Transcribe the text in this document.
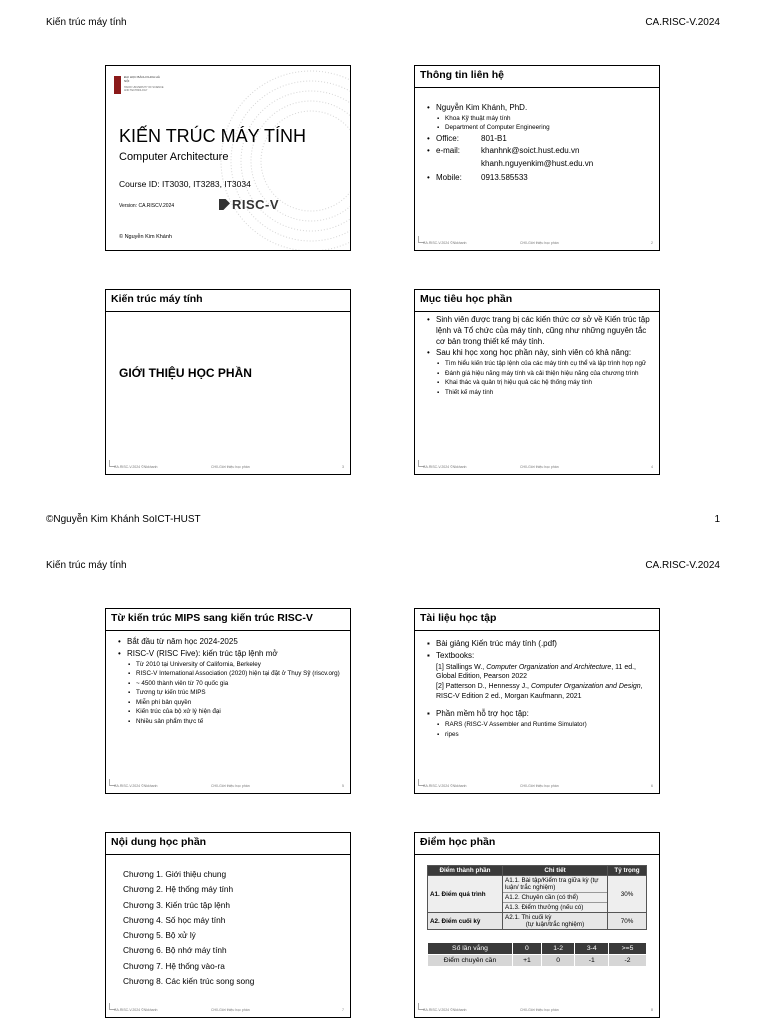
Kiến trúc máy tính	CA.RISC-V.2024
ĐẠI HỌC BÁCH KHOA HÀ NỘI
HANOI UNIVERSITY OF SCIENCE AND TECHNOLOGY
KIẾN TRÚC MÁY TÍNH
Computer Architecture
Course ID: IT3030, IT3283, IT3034
Version: CA.RISCV.2024	RISC-V
© Nguyễn Kim Khánh
Thông tin liên hệ
• Nguyễn Kim Khánh, PhD.
▪ Khoa Kỹ thuật máy tính
▪ Department of Computer Engineering
• Office:	801-B1
• e-mail:	khanhnk@soict.hust.edu.vn
khanh.nguyenkim@hust.edu.vn
• Mobile: 0913.585533
CA.RISC-V.2024 ©Nkkhanh	CH0-Giới thiệu học phần	2
Kiến trúc máy tính
GIỚI THIỆU HỌC PHẦN
CA.RISC-V.2024 ©Nkkhanh	CH0-Giới thiệu học phần	3
Mục tiêu học phần
• Sinh viên được trang bị các kiến thức cơ sở về Kiến trúc tập lệnh và Tổ chức của máy tính, cũng như những nguyên tắc cơ bản trong thiết kế máy tính.
• Sau khi học xong học phần này, sinh viên có khả năng:
▪ Tìm hiểu kiến trúc tập lệnh của các máy tính cụ thể và lập trình hợp ngữ
▪ Đánh giá hiệu năng máy tính và cải thiện hiệu năng của chương trình
▪ Khai thác và quản trị hiệu quả các hệ thống máy tính
▪ Thiết kế máy tính
CA.RISC-V.2024 ©Nkkhanh	CH0-Giới thiệu học phần	4
©Nguyễn Kim Khánh SoICT-HUST	1
Kiến trúc máy tính	CA.RISC-V.2024
Từ kiến trúc MIPS sang kiến trúc RISC-V
• Bắt đầu từ năm học 2024-2025
• RISC-V (RISC Five): kiến trúc tập lệnh mở
▪ Từ 2010 tại University of California, Berkeley
▪ RISC-V International Association (2020) hiện tại đặt ở Thụy Sỹ (riscv.org)
▪ ~ 4500 thành viên từ 70 quốc gia
▪ Tương tự kiến trúc MIPS
▪ Miễn phí bản quyền
▪ Kiến trúc của bộ xử lý hiện đại
▪ Nhiều sản phẩm thực tế
CA.RISC-V.2024 ©Nkkhanh	CH0-Giới thiệu học phần	5
Tài liệu học tập
▪ Bài giảng Kiến trúc máy tính (.pdf)
▪ Textbooks:
[1] Stallings W., Computer Organization and Architecture, 11 ed., Global Edition, Pearson 2022
[2] Patterson D., Hennessy J., Computer Organization and Design, RISC-V Edition 2 ed., Morgan Kaufmann, 2021
▪ Phần mềm hỗ trợ học tập:
▪ RARS (RISC-V Assembler and Runtime Simulator)
▪ ripes
CA.RISC-V.2024 ©Nkkhanh	CH0-Giới thiệu học phần	6
Nội dung học phần
Chương 1. Giới thiệu chung
Chương 2. Hệ thống máy tính
Chương 3. Kiến trúc tập lệnh
Chương 4. Số học máy tính
Chương 5. Bộ xử lý
Chương 6. Bộ nhớ máy tính
Chương 7. Hệ thống vào-ra
Chương 8. Các kiến trúc song song
CA.RISC-V.2024 ©Nkkhanh	CH0-Giới thiệu học phần	7
Điểm học phần
Điểm thành phần	Chi tiết	Tỷ trọng
A1. Điểm quá trình	A1.1. Bài tập/Kiểm tra giữa kỳ (tự luận/ trắc nghiệm)
A1.2. Chuyên cần (có thể)
A1.3. Điểm thưởng (nếu có)	30%
A2. Điểm cuối kỳ	A2.1. Thi cuối kỳ
(tự luận/trắc nghiệm)	70%
Số lần vắng	0	1-2	3-4	>=5
Điểm chuyên cần	+1	0	-1	-2
CA.RISC-V.2024 ©Nkkhanh	CH0-Giới thiệu học phần	8
